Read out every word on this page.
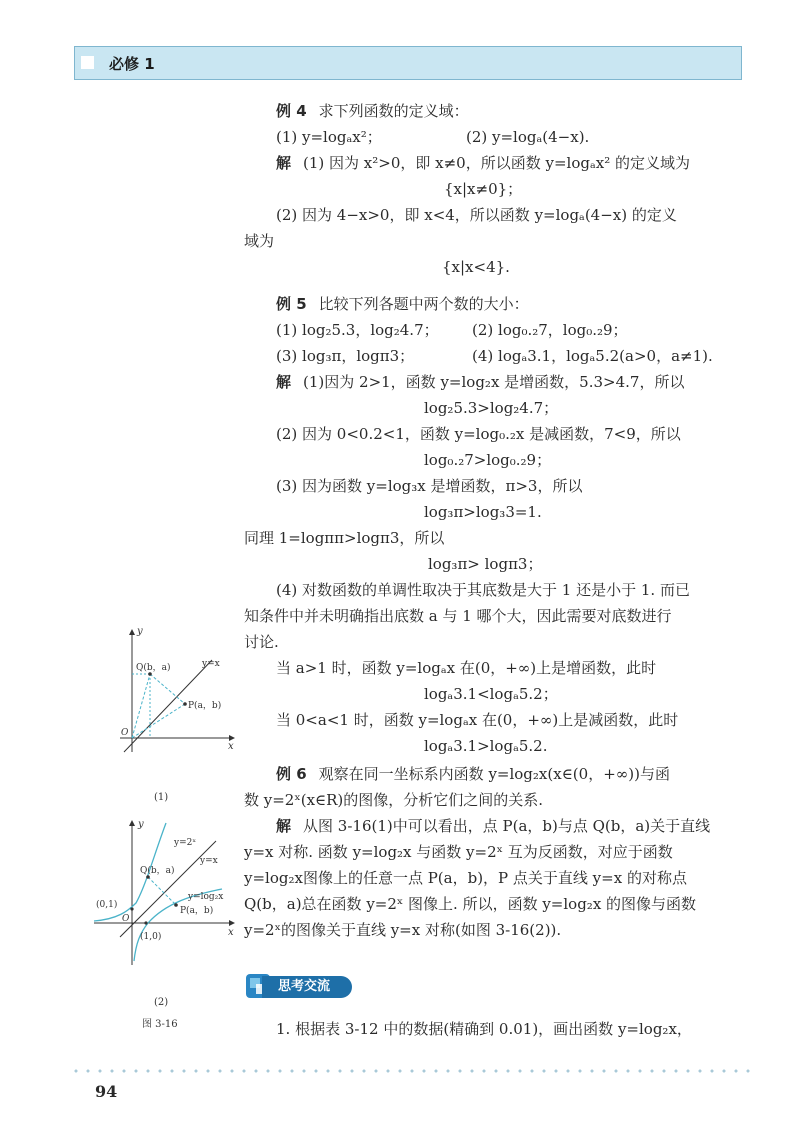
必修 1
例 4 求下列函数的定义域：
(1) y=logₐx²；	(2) y=logₐ(4−x).
解 (1) 因为 x²>0，即 x≠0，所以函数 y=logₐx² 的定义域为
{x|x≠0}；
(2) 因为 4−x>0，即 x<4，所以函数 y=logₐ(4−x) 的定义
域为
{x|x<4}.
例 5 比较下列各题中两个数的大小：
(1) log₂5.3，log₂4.7； (2) log₀.₂7，log₀.₂9；
(3) log₃π，logπ3；	(4) logₐ3.1，logₐ5.2(a>0，a≠1).
解 (1)因为 2>1，函数 y=log₂x 是增函数，5.3>4.7，所以
log₂5.3>log₂4.7；
(2) 因为 0<0.2<1，函数 y=log₀.₂x 是减函数，7<9，所以
log₀.₂7>log₀.₂9；
(3) 因为函数 y=log₃x 是增函数，π>3，所以
log₃π>log₃3=1.
同理 1=logππ>logπ3，所以
log₃π> logπ3；
(4) 对数函数的单调性取决于其底数是大于 1 还是小于 1. 而已
知条件中并未明确指出底数 a 与 1 哪个大，因此需要对底数进行
讨论.
当 a>1 时，函数 y=logₐx 在(0，+∞)上是增函数，此时
logₐ3.1<logₐ5.2；
当 0<a<1 时，函数 y=logₐx 在(0，+∞)上是减函数，此时
logₐ3.1>logₐ5.2.
例 6 观察在同一坐标系内函数 y=log₂x(x∈(0，+∞))与函
数 y=2ˣ(x∈R)的图像，分析它们之间的关系.
解 从图 3-16(1)中可以看出，点 P(a，b)与点 Q(b，a)关于直线
y=x 对称. 函数 y=log₂x 与函数 y=2ˣ 互为反函数，对应于函数
y=log₂x图像上的任意一点 P(a，b)，P 点关于直线 y=x 的对称点
Q(b，a)总在函数 y=2ˣ 图像上. 所以，函数 y=log₂x 的图像与函数
y=2ˣ的图像关于直线 y=x 对称(如图 3-16(2)).
1. 根据表 3-12 中的数据(精确到 0.01)，画出函数 y=log₂x，
y
x
O
y=x
Q(b，a)
P(a，b)
(1)
y
x
O
y=2ˣ
y=x
y=log₂x
Q(b，a)
P(a，b)
(0,1)
(1,0)
(2)
图 3-16
思考交流
94
